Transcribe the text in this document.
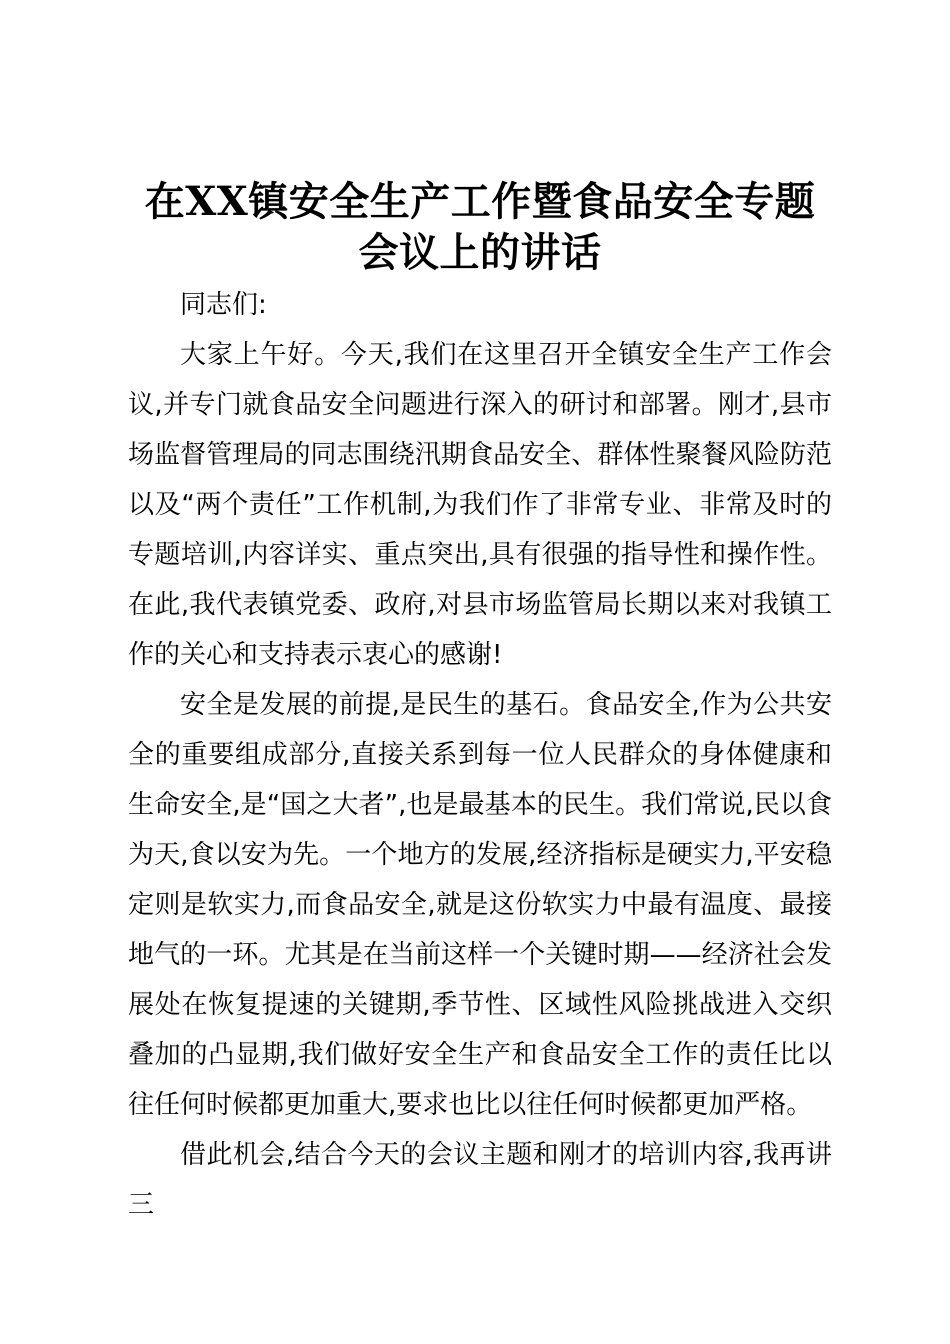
在XX镇安全生产工作暨食品安全专题会议上的讲话

同志们:

大家上午好。今天,我们在这里召开全镇安全生产工作会议,并专门就食品安全问题进行深入的研讨和部署。刚才,县市场监督管理局的同志围绕汛期食品安全、群体性聚餐风险防范以及“两个责任”工作机制,为我们作了非常专业、非常及时的专题培训,内容详实、重点突出,具有很强的指导性和操作性。在此,我代表镇党委、政府,对县市场监管局长期以来对我镇工作的关心和支持表示衷心的感谢!

安全是发展的前提,是民生的基石。食品安全,作为公共安全的重要组成部分,直接关系到每一位人民群众的身体健康和生命安全,是“国之大者”,也是最基本的民生。我们常说,民以食为天,食以安为先。一个地方的发展,经济指标是硬实力,平安稳定则是软实力,而食品安全,就是这份软实力中最有温度、最接地气的一环。尤其是在当前这样一个关键时期——经济社会发展处在恢复提速的关键期,季节性、区域性风险挑战进入交织叠加的凸显期,我们做好安全生产和食品安全工作的责任比以往任何时候都更加重大,要求也比以往任何时候都更加严格。

借此机会,结合今天的会议主题和刚才的培训内容,我再讲三
